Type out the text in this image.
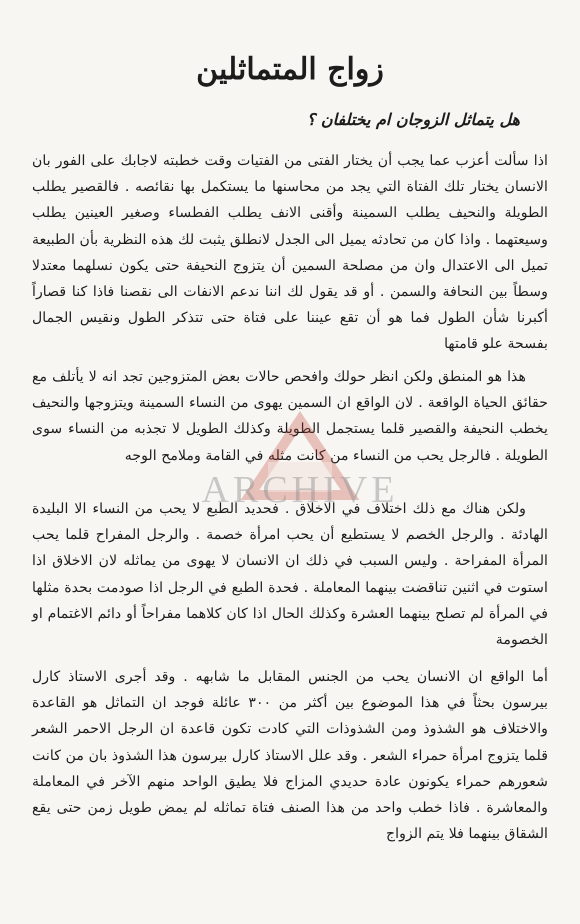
زواج المتماثلين
هل يتماثل الزوجان ام يختلفان ؟

اذا سألت أعزب عما يجب أن يختار الفتى من الفتيات وقت خطبته لاجابك على الفور بان الانسان يختار تلك الفتاة التي يجد من محاسنها ما يستكمل بها نقائصه . فالقصير يطلب الطويلة والنحيف يطلب السمينة وأقنى الانف يطلب الفطساء وصغير العينين يطلب وسيعتهما . واذا كان من تحادثه يميل الى الجدل لانطلق يثبت لك هذه النظرية بأن الطبيعة تميل الى الاعتدال وان من مصلحة السمين أن يتزوج النحيفة حتى يكون نسلهما معتدلا وسطاً بين النحافة والسمن . أو قد يقول لك اننا ندعم الانفات الى نقصنا فاذا كنا قصاراً أكبرنا شأن الطول فما هو أن تقع عيننا على فتاة حتى تتذكر الطول ونقيس الجمال بفسحة علو قامتها

هذا هو المنطق ولكن انظر حولك وافحص حالات بعض المتزوجين تجد انه لا يأتلف مع حقائق الحياة الواقعة . لان الواقع ان السمين يهوى من النساء السمينة ويتزوجها والنحيف يخطب النحيفة والقصير قلما يستجمل الطويلة وكذلك الطويل لا تجذبه من النساء سوى الطويلة . فالرجل يحب من النساء من كانت مثله في القامة وملامح الوجه

ولكن هناك مع ذلك اختلاف في الاخلاق . فحديد الطبع لا يحب من النساء الا البليدة الهادئة . والرجل الخصم لا يستطيع أن يحب امرأة خصمة . والرجل المفراح قلما يحب المرأة المفراحة . وليس السبب في ذلك ان الانسان لا يهوى من يماثله لان الاخلاق اذا استوت في اثنين تناقضت بينهما المعاملة . فحدة الطبع في الرجل اذا صودمت بحدة مثلها في المرأة لم تصلح بينهما العشرة وكذلك الحال اذا كان كلاهما مفراحاً أو دائم الاغتمام او الخصومة

أما الواقع ان الانسان يحب من الجنس المقابل ما شابهه . وقد أجرى الاستاذ كارل بيرسون بحثاً في هذا الموضوع بين أكثر من ٣٠٠ عائلة فوجد ان التماثل هو القاعدة والاختلاف هو الشذوذ ومن الشذوذات التي كادت تكون قاعدة ان الرجل الاحمر الشعر قلما يتزوج امرأة حمراء الشعر . وقد علل الاستاذ كارل بيرسون هذا الشذوذ بان من كانت شعورهم حمراء يكونون عادة حديدي المزاج فلا يطيق الواحد منهم الآخر في المعاملة والمعاشرة . فاذا خطب واحد من هذا الصنف فتاة تماثله لم يمض طويل زمن حتى يقع الشقاق بينهما فلا يتم الزواج

ARCHIVE
